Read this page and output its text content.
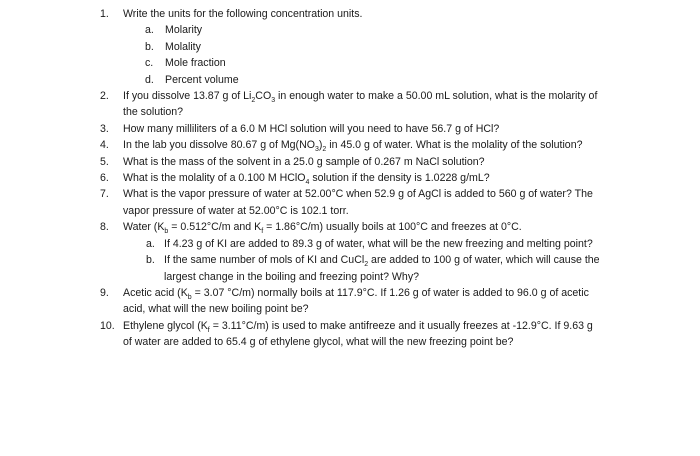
1.	Write the units for the following concentration units.
a. Molarity
b. Molality
c. Mole fraction
d. Percent volume
2.	If you dissolve 13.87 g of $Li_2CO_3$ in enough water to make a 50.00 mL solution, what is the molarity of the solution?
3.	How many milliliters of a 6.0 M HCl solution will you need to have 56.7 g of HCl?
4.	In the lab you dissolve 80.67 g of $Mg(NO_3)_2$ in 45.0 g of water. What is the molality of the solution?
5.	What is the mass of the solvent in a 25.0 g sample of 0.267 m NaCl solution?
6.	What is the molality of a 0.100 M HClO$_4$ solution if the density is 1.0228 g/mL?
7.	What is the vapor pressure of water at 52.00°C when 52.9 g of AgCl is added to 560 g of water? The vapor pressure of water at 52.00°C is 102.1 torr.
8.	Water ($K_b = 0.512^\circ C/m$ and $K_f = 1.86^\circ C/m$) usually boils at 100°C and freezes at 0°C.
a. If 4.23 g of KI are added to 89.3 g of water, what will be the new freezing and melting point?
b. If the same number of mols of KI and CuCl$_2$ are added to 100 g of water, which will cause the largest change in the boiling and freezing point? Why?
9.	Acetic acid ($K_b = 3.07$ °C/m) normally boils at 117.9°C. If 1.26 g of water is added to 96.0 g of acetic acid, what will the new boiling point be?
10. Ethylene glycol $(K_f = 3.11^\circ C/m)$ is used to make antifreeze and it usually freezes at -12.9°C. If 9.63 g of water are added to 65.4 g of ethylene glycol, what will the new freezing point be?
